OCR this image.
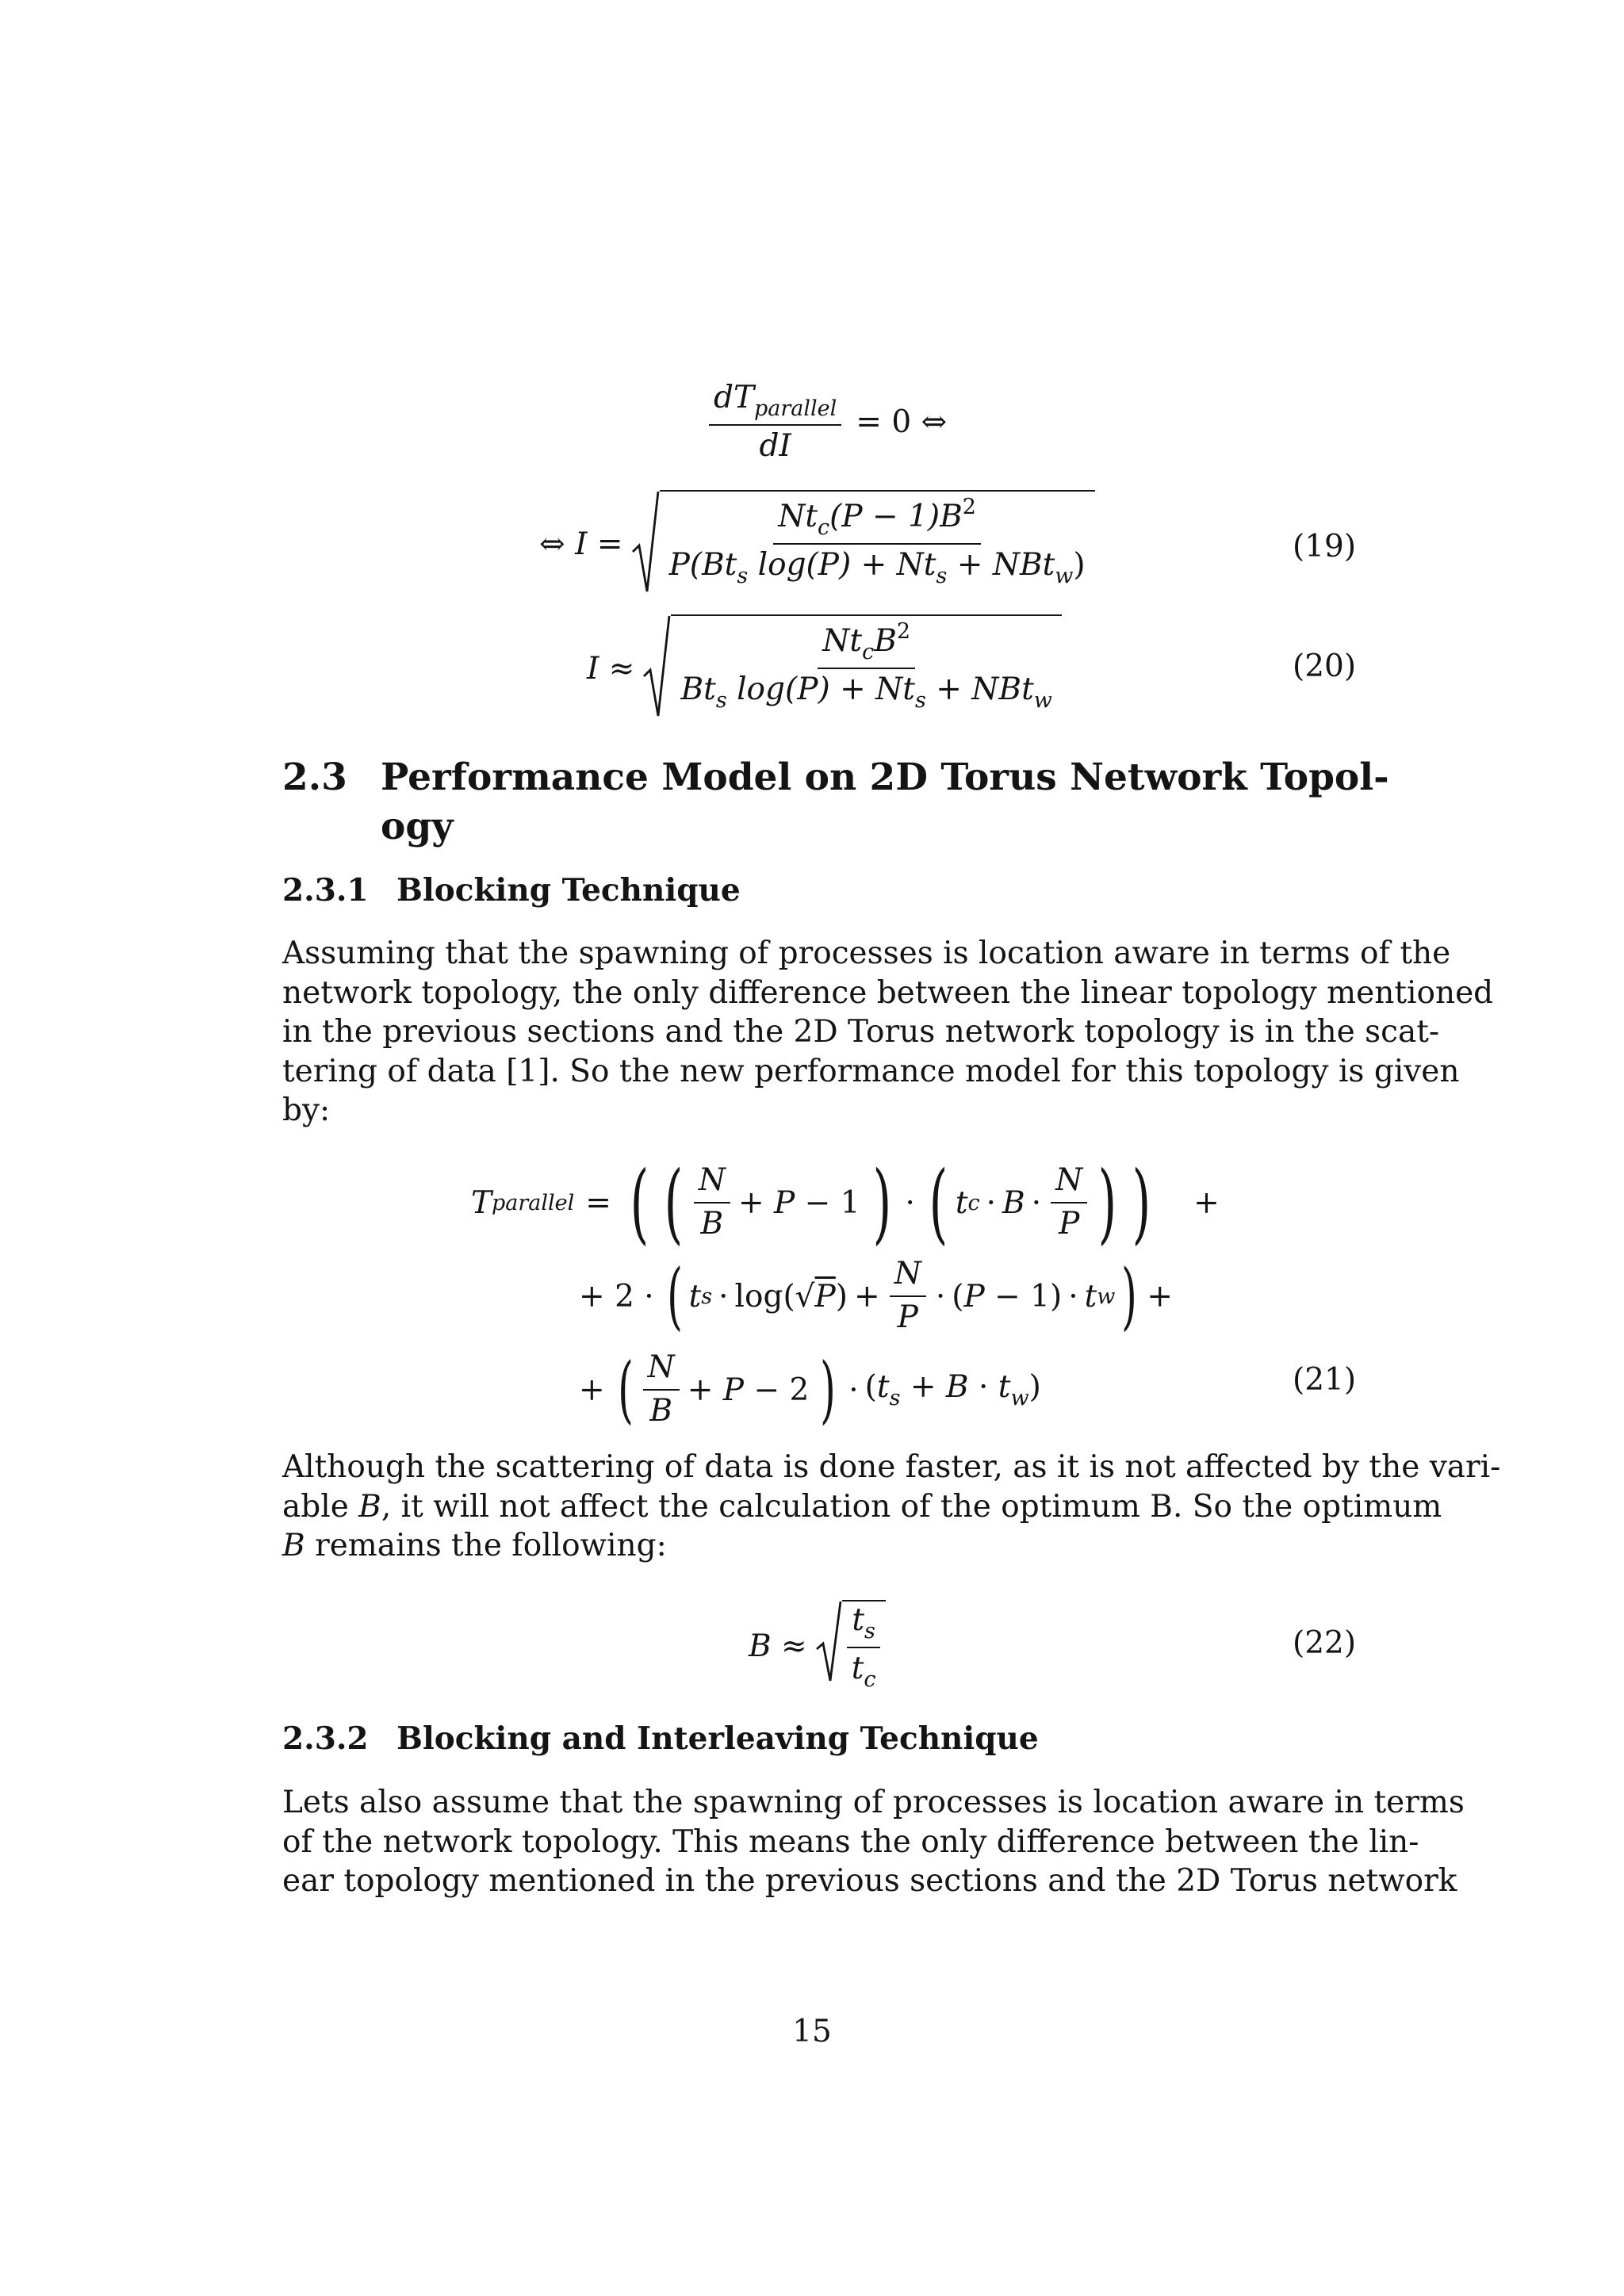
$\frac{dT_{parallel}}{dI} = 0$ ⇔
⇔ $I = \frac{Nt_c(P - 1)B^2}{P(Bt_s \log(P) + Nt_s + NBt_w)}$	(19)
$I \approx \frac{Nt_cB^2}{Bt_s \log(P) + Nt_s + NBt_w}$	(20)
2.3 Performance Model on 2D Torus Network Topol-
ogy
2.3.1 Blocking Technique
Assuming that the spawning of processes is location aware in terms of the
network topology, the only difference between the linear topology mentioned
in the previous sections and the 2D Torus network topology is in the scat-
tering of data [1]. So the new performance model for this topology is given
by:
T parallel = ( ( $\frac{N}{B} + P - 1$ ) · ( t $c \cdot B \cdot \frac{N}{P}$ ) ) +
+ 2 · ( t $s \cdot \log(√P) + \frac{N}{P} \cdot (P - 1) \cdot t$ w ) +
+ ( $\frac{N}{B} + P - 2$ ) · $(t_s + B \cdot t_w)$	(21)
Although the scattering of data is done faster, as it is not affected by the vari-
able B, it will not affect the calculation of the optimum B. So the optimum
B remains the following:
$B \approx \frac{t_s}{t_c}$	(22)
2.3.2 Blocking and Interleaving Technique
Lets also assume that the spawning of processes is location aware in terms
of the network topology. This means the only difference between the lin-
ear topology mentioned in the previous sections and the 2D Torus network
15
